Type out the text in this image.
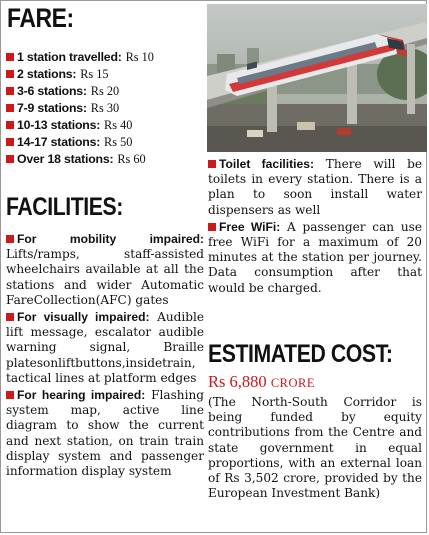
FARE:
1 station travelled: Rs 10
2 stations: Rs 15
3-6 stations: Rs 20
7-9 stations: Rs 30
10-13 stations: Rs 40
14-17 stations: Rs 50
Over 18 stations: Rs 60
FACILITIES:

For mobility impaired: Lifts/ramps, staff-assisted wheelchairs available at all the stations and wider Automatic FareCollection(AFC) gates

For visually impaired: Audible lift message, escalator audible warning signal, Braille platesonliftbuttons,insidetrain, tactical lines at platform edges

For hearing impaired: Flashing system map, active line diagram to show the current and next station, on train train display system and passenger information display system

Toilet facilities: There will be toilets in every station. There is a plan to soon install water dispensers as well

Free WiFi: A passenger can use free WiFi for a maximum of 20 minutes at the station per journey. Data consumption after that would be charged.

ESTIMATED COST:
Rs 6,880 CRORE
(The North-South Corridor is being funded by equity contributions from the Centre and state government in equal proportions, with an external loan of Rs 3,502 crore, provided by the European Investment Bank)
